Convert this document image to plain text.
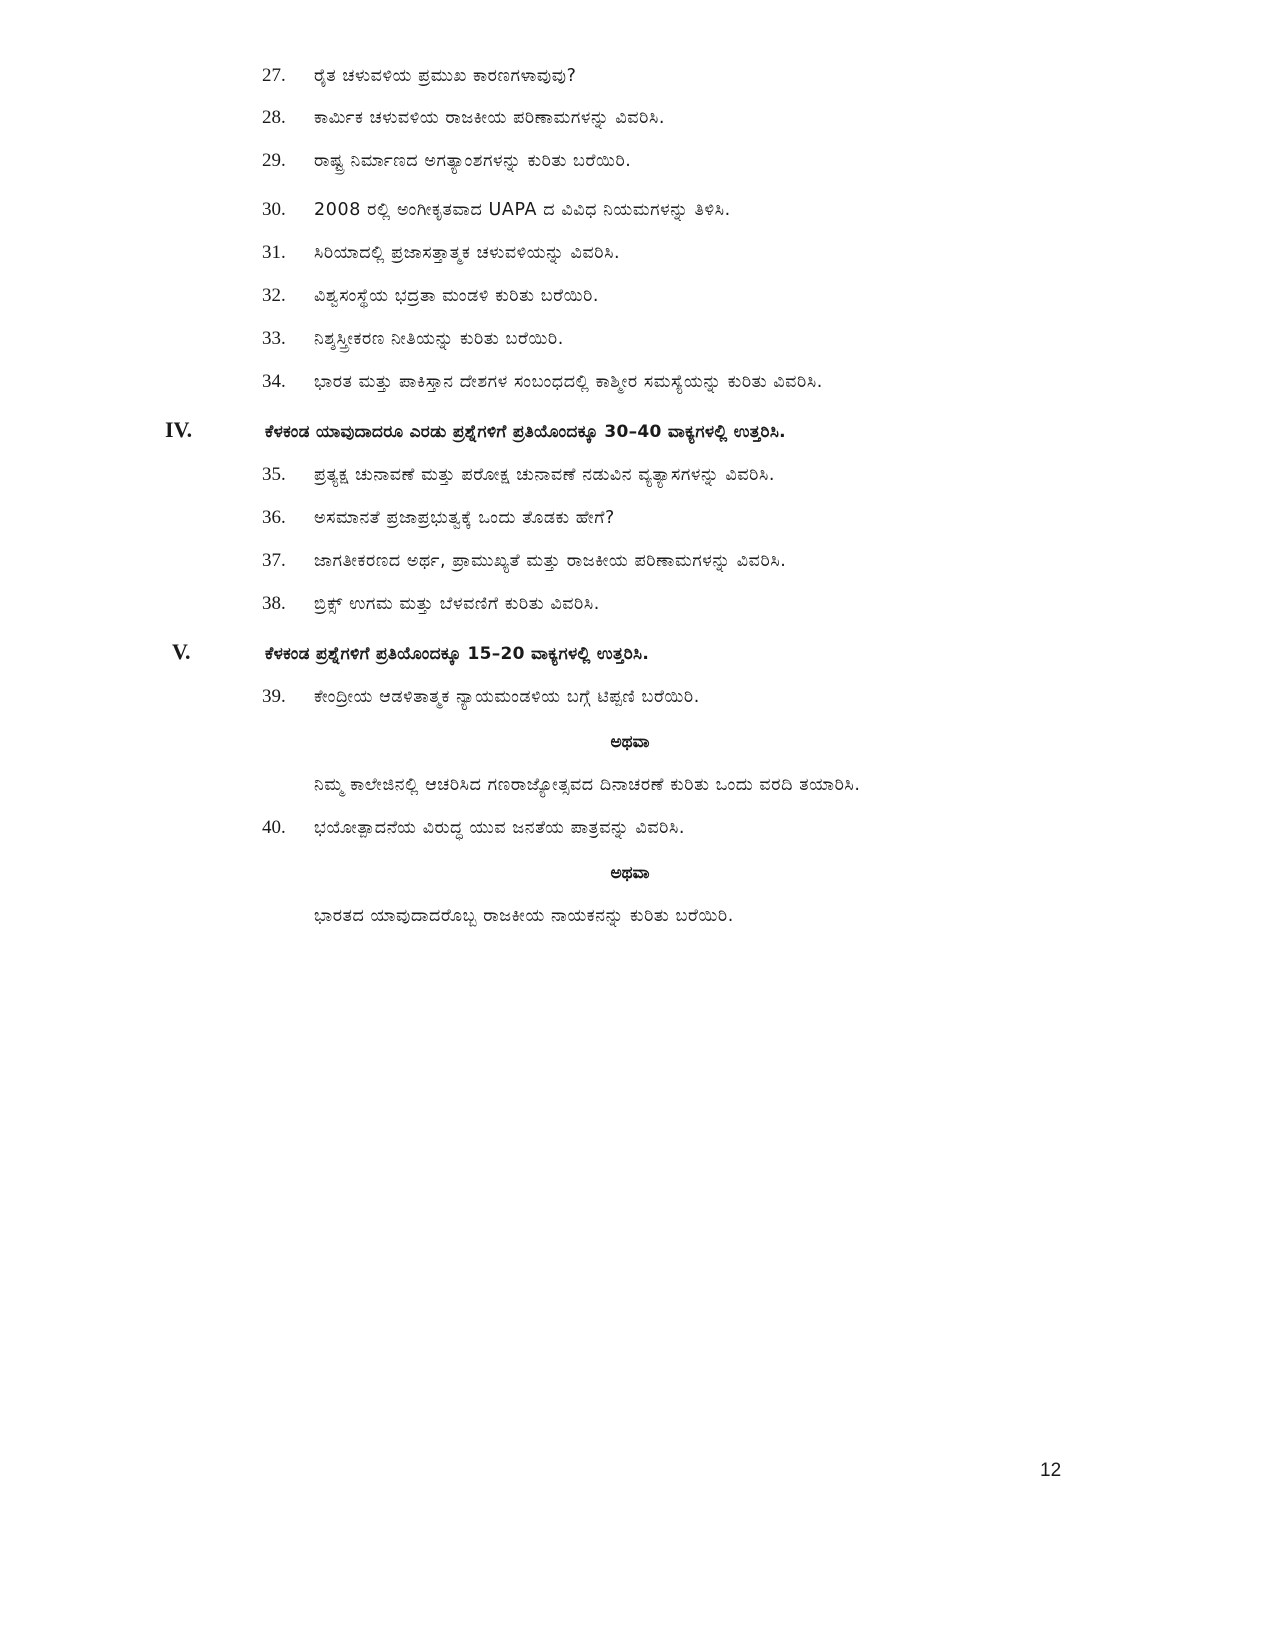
27. ರೈತ ಚಳುವಳಿಯ ಪ್ರಮುಖ ಕಾರಣಗಳಾವುವು?
28. ಕಾರ್ಮಿಕ ಚಳುವಳಿಯ ರಾಜಕೀಯ ಪರಿಣಾಮಗಳನ್ನು ವಿವರಿಸಿ.
29. ರಾಷ್ಟ್ರ ನಿರ್ಮಾಣದ ಅಗತ್ಯಾಂಶಗಳನ್ನು ಕುರಿತು ಬರೆಯಿರಿ.
30. 2008 ರಲ್ಲಿ ಅಂಗೀಕೃತವಾದ UAPA ದ ವಿವಿಧ ನಿಯಮಗಳನ್ನು ತಿಳಿಸಿ.
31. ಸಿರಿಯಾದಲ್ಲಿ ಪ್ರಜಾಸತ್ತಾತ್ಮಕ ಚಳುವಳಿಯನ್ನು ವಿವರಿಸಿ.
32. ವಿಶ್ವಸಂಸ್ಥೆಯ ಭದ್ರತಾ ಮಂಡಳಿ ಕುರಿತು ಬರೆಯಿರಿ.
33. ನಿಶ್ಶಸ್ತ್ರೀಕರಣ ನೀತಿಯನ್ನು ಕುರಿತು ಬರೆಯಿರಿ.
34. ಭಾರತ ಮತ್ತು ಪಾಕಿಸ್ತಾನ ದೇಶಗಳ ಸಂಬಂಧದಲ್ಲಿ ಕಾಶ್ಮೀರ ಸಮಸ್ಯೆಯನ್ನು ಕುರಿತು ವಿವರಿಸಿ.
IV.	ಕೆಳಕಂಡ ಯಾವುದಾದರೂ ಎರಡು ಪ್ರಶ್ನೆಗಳಿಗೆ ಪ್ರತಿಯೊಂದಕ್ಕೂ 30–40 ವಾಕ್ಯಗಳಲ್ಲಿ ಉತ್ತರಿಸಿ.
35. ಪ್ರತ್ಯಕ್ಷ ಚುನಾವಣೆ ಮತ್ತು ಪರೋಕ್ಷ ಚುನಾವಣೆ ನಡುವಿನ ವ್ಯತ್ಯಾಸಗಳನ್ನು ವಿವರಿಸಿ.
36. ಅಸಮಾನತೆ ಪ್ರಜಾಪ್ರಭುತ್ವಕ್ಕೆ ಒಂದು ತೊಡಕು ಹೇಗೆ?
37. ಜಾಗತೀಕರಣದ ಅರ್ಥ, ಪ್ರಾಮುಖ್ಯತೆ ಮತ್ತು ರಾಜಕೀಯ ಪರಿಣಾಮಗಳನ್ನು ವಿವರಿಸಿ.
38. ಬ್ರಿಕ್ಸ್ ಉಗಮ ಮತ್ತು ಬೆಳವಣಿಗೆ ಕುರಿತು ವಿವರಿಸಿ.
V.	ಕೆಳಕಂಡ ಪ್ರಶ್ನೆಗಳಿಗೆ ಪ್ರತಿಯೊಂದಕ್ಕೂ 15–20 ವಾಕ್ಯಗಳಲ್ಲಿ ಉತ್ತರಿಸಿ.
39. ಕೇಂದ್ರೀಯ ಆಡಳಿತಾತ್ಮಕ ನ್ಯಾಯಮಂಡಳಿಯ ಬಗ್ಗೆ ಟಿಪ್ಪಣಿ ಬರೆಯಿರಿ.
ಅಥವಾ
ನಿಮ್ಮ ಕಾಲೇಜಿನಲ್ಲಿ ಆಚರಿಸಿದ ಗಣರಾಜ್ಯೋತ್ಸವದ ದಿನಾಚರಣೆ ಕುರಿತು ಒಂದು ವರದಿ ತಯಾರಿಸಿ.
40. ಭಯೋತ್ಪಾದನೆಯ ವಿರುದ್ಧ ಯುವ ಜನತೆಯ ಪಾತ್ರವನ್ನು ವಿವರಿಸಿ.
ಅಥವಾ
ಭಾರತದ ಯಾವುದಾದರೊಬ್ಬ ರಾಜಕೀಯ ನಾಯಕನನ್ನು ಕುರಿತು ಬರೆಯಿರಿ.
12
